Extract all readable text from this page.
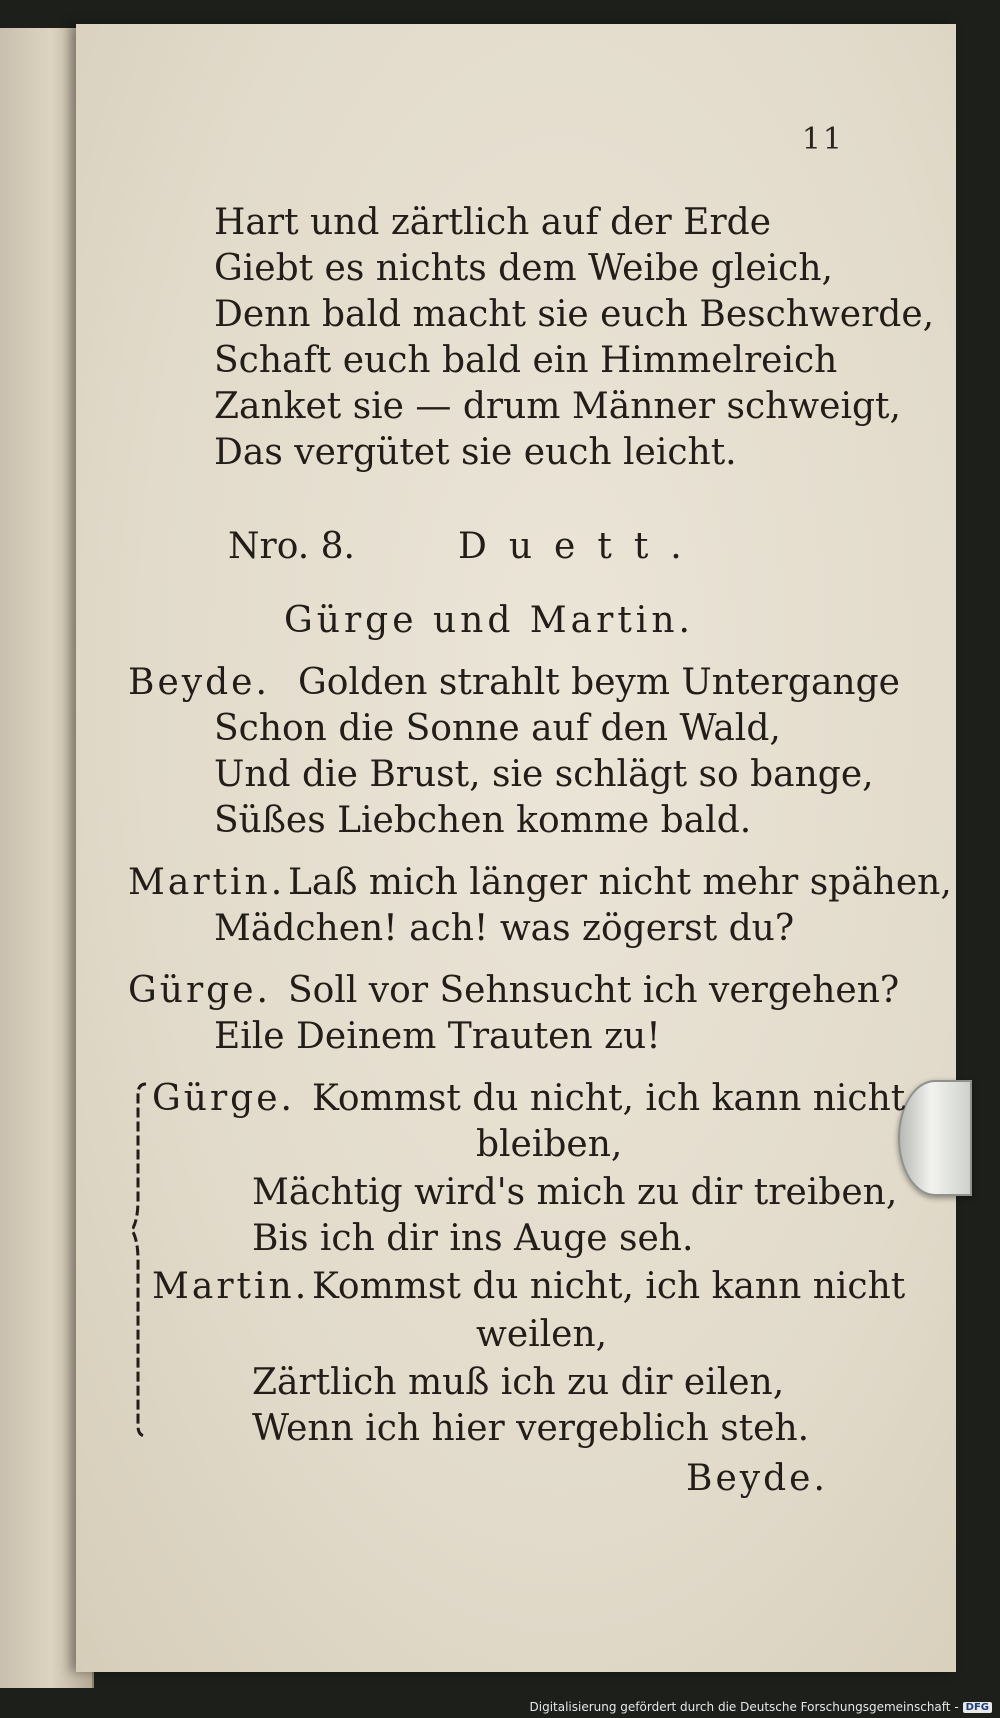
11
Hart und zärtlich auf der Erde
Giebt es nichts dem Weibe gleich,
Denn bald macht sie euch Beschwerde,
Schaft euch bald ein Himmelreich
Zanket sie — drum Männer schweigt,
Das vergütet sie euch leicht.
Nro. 8.	Duett.
Gürge und Martin.
Beyde. Golden strahlt beym Untergange
Schon die Sonne auf den Wald,
Und die Brust, sie schlägt so bange,
Süßes Liebchen komme bald.
Martin. Laß mich länger nicht mehr spähen,
Mädchen! ach! was zögerst du?
Gürge. Soll vor Sehnsucht ich vergehen?
Eile Deinem Trauten zu!
Gürge. Kommst du nicht, ich kann nicht
bleiben,
Mächtig wird's mich zu dir treiben,
Bis ich dir ins Auge seh.
Martin. Kommst du nicht, ich kann nicht
weilen,
Zärtlich muß ich zu dir eilen,
Wenn ich hier vergeblich steh.
Beyde.
Digitalisierung gefördert durch die Deutsche Forschungsgemeinschaft - DFG
